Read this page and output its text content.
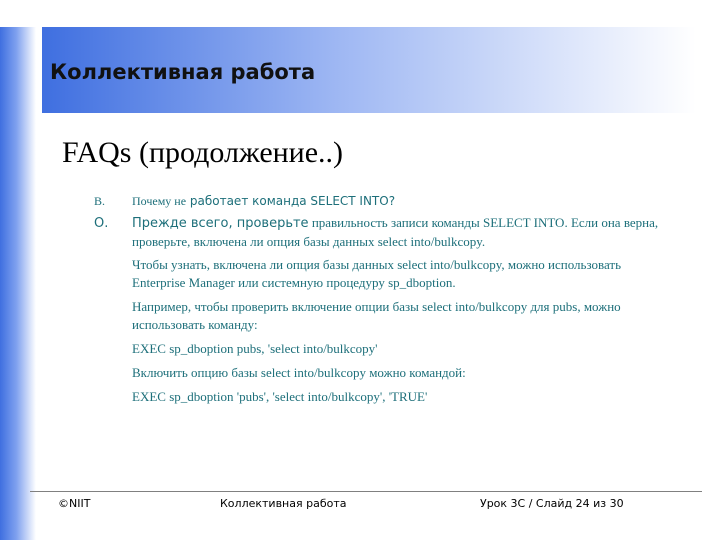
Коллективная работа
FAQs (продолжение..)
В.	Почему не работает команда SELECT INTO?
О.	Прежде всего, проверьте правильность записи команды SELECT INTO. Если она верна, проверьте, включена ли опция базы данных select into/bulkcopy.
Чтобы узнать, включена ли опция базы данных select into/bulkcopy, можно использовать Enterprise Manager или системную процедуру sp_dboption.
Например, чтобы проверить включение опции базы select into/bulkcopy для pubs, можно использовать команду:
EXEC sp_dboption pubs, 'select into/bulkcopy'
Включить опцию базы select into/bulkcopy можно командой:
EXEC sp_dboption 'pubs', 'select into/bulkcopy', 'TRUE'
©NIIT	Коллективная работа	Урок 3C / Слайд 24 из 30
